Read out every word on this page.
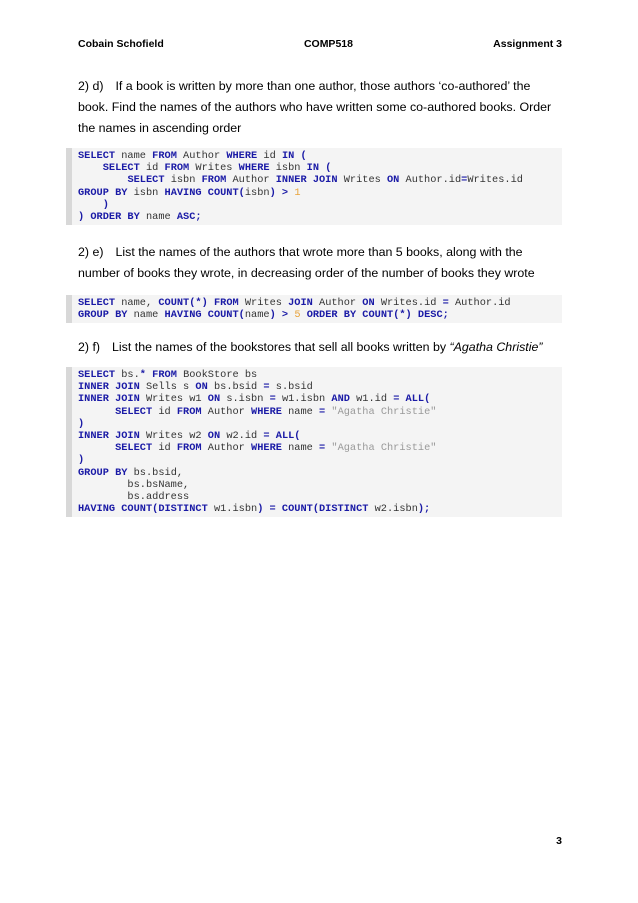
Cobain Schofield	COMP518	Assignment 3

2) d) If a book is written by more than one author, those authors ‘co-authored’ the book. Find the names of the authors who have written some co-authored books. Order the names in ascending order

SELECT name FROM Author WHERE id IN (
SELECT id FROM Writes WHERE isbn IN (
SELECT isbn FROM Author INNER JOIN Writes ON Author.id=Writes.id
GROUP BY isbn HAVING COUNT(isbn) > 1
)
) ORDER BY name ASC;

2) e) List the names of the authors that wrote more than 5 books, along with the number of books they wrote, in decreasing order of the number of books they wrote

SELECT name, COUNT(*) FROM Writes JOIN Author ON Writes.id = Author.id
GROUP BY name HAVING COUNT(name) > 5 ORDER BY COUNT(*) DESC;

2) f) List the names of the bookstores that sell all books written by “Agatha Christie”

SELECT bs.* FROM BookStore bs
INNER JOIN Sells s ON bs.bsid = s.bsid
INNER JOIN Writes w1 ON s.isbn = w1.isbn AND w1.id = ALL(
SELECT id FROM Author WHERE name = "Agatha Christie"
)
INNER JOIN Writes w2 ON w2.id = ALL(
SELECT id FROM Author WHERE name = "Agatha Christie"
)
GROUP BY bs.bsid,
bs.bsName,
bs.address
HAVING COUNT(DISTINCT w1.isbn) = COUNT(DISTINCT w2.isbn);
3
